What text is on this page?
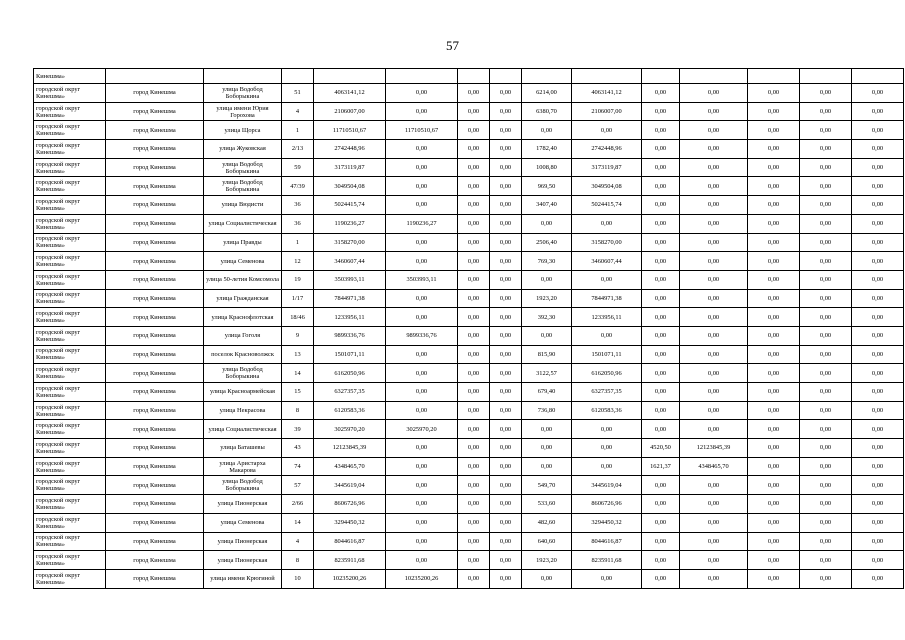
57
Кинешма»														
городской округ Кинешма»	город Кинешма	улица Водобод Боборыкина	51	4063141,12	0,00	0,00	0,00	6214,00	4063141,12	0,00	0,00	0,00	0,00	0,00
городской округ Кинешма»	город Кинешма	улица имени Юрия Горохова	4	2106007,00	0,00	0,00	0,00	6380,70	2106007,00	0,00	0,00	0,00	0,00	0,00
городской округ Кинешма»	город Кинешма	улица Щорса	1	11710510,67	11710510,67	0,00	0,00	0,00	0,00	0,00	0,00	0,00	0,00	0,00
городской округ Кинешма»	город Кинешма	улица Жуковская	2/13	2742448,96	0,00	0,00	0,00	1782,40	2742448,96	0,00	0,00	0,00	0,00	0,00
городской округ Кинешма»	город Кинешма	улица Водобод Боборыкина	59	3173119,87	0,00	0,00	0,00	1008,80	3173119,87	0,00	0,00	0,00	0,00	0,00
городской округ Кинешма»	город Кинешма	улица Водобод Боборыкина	47/39	3049504,08	0,00	0,00	0,00	969,50	3049504,08	0,00	0,00	0,00	0,00	0,00
городской округ Кинешма»	город Кинешма	улица Вюдисти	36	5024415,74	0,00	0,00	0,00	3407,40	5024415,74	0,00	0,00	0,00	0,00	0,00
городской округ Кинешма»	город Кинешма	улица Социалистическая	36	1190236,27	1190236,27	0,00	0,00	0,00	0,00	0,00	0,00	0,00	0,00	0,00
городской округ Кинешма»	город Кинешма	улица Правды	1	3158270,00	0,00	0,00	0,00	2506,40	3158270,00	0,00	0,00	0,00	0,00	0,00
городской округ Кинешма»	город Кинешма	улица Семенова	12	3460607,44	0,00	0,00	0,00	769,30	3460607,44	0,00	0,00	0,00	0,00	0,00
городской округ Кинешма»	город Кинешма	улица 50-летия Комсомола	19	3503993,11	3503993,11	0,00	0,00	0,00	0,00	0,00	0,00	0,00	0,00	0,00
городской округ Кинешма»	город Кинешма	улица Гражданская	1/17	7844971,38	0,00	0,00	0,00	1923,20	7844971,38	0,00	0,00	0,00	0,00	0,00
городской округ Кинешма»	город Кинешма	улица Краснофлотская	18/46	1233956,11	0,00	0,00	0,00	392,30	1233956,11	0,00	0,00	0,00	0,00	0,00
городской округ Кинешма»	город Кинешма	улица Гоголя	9	9899336,76	9899336,76	0,00	0,00	0,00	0,00	0,00	0,00	0,00	0,00	0,00
городской округ Кинешма»	город Кинешма	поселок Красноволжск	13	1501071,11	0,00	0,00	0,00	815,90	1501071,11	0,00	0,00	0,00	0,00	0,00
городской округ Кинешма»	город Кинешма	улица Водобод Боборыкина	14	6162050,96	0,00	0,00	0,00	3122,57	6162050,96	0,00	0,00	0,00	0,00	0,00
городской округ Кинешма»	город Кинешма	улица Красноармейская	15	6327357,35	0,00	0,00	0,00	679,40	6327357,35	0,00	0,00	0,00	0,00	0,00
городской округ Кинешма»	город Кинешма	улица Некрасова	8	6120583,36	0,00	0,00	0,00	736,80	6120583,36	0,00	0,00	0,00	0,00	0,00
городской округ Кинешма»	город Кинешма	улица Социалистическая	39	3025970,20	3025970,20	0,00	0,00	0,00	0,00	0,00	0,00	0,00	0,00	0,00
городской округ Кинешма»	город Кинешма	улица Баташевы	43	12123845,39	0,00	0,00	0,00	0,00	0,00	4520,50	12123845,39	0,00	0,00	0,00
городской округ Кинешма»	город Кинешма	улица Аристарха Макарова	74	4348465,70	0,00	0,00	0,00	0,00	0,00	1621,37	4348465,70	0,00	0,00	0,00
городской округ Кинешма»	город Кинешма	улица Водобод Боборыкина	57	3445619,04	0,00	0,00	0,00	549,70	3445619,04	0,00	0,00	0,00	0,00	0,00
городской округ Кинешма»	город Кинешма	улица Пионерская	2/66	8606726,96	0,00	0,00	0,00	533,60	8606726,96	0,00	0,00	0,00	0,00	0,00
городской округ Кинешма»	город Кинешма	улица Семенова	14	3294450,32	0,00	0,00	0,00	482,60	3294450,32	0,00	0,00	0,00	0,00	0,00
городской округ Кинешма»	город Кинешма	улица Пионерская	4	8044616,87	0,00	0,00	0,00	640,60	8044616,87	0,00	0,00	0,00	0,00	0,00
городской округ Кинешма»	город Кинешма	улица Пионерская	8	8235911,68	0,00	0,00	0,00	1923,20	8235911,68	0,00	0,00	0,00	0,00	0,00
городской округ Кинешма»	город Кинешма	улица имени Крюгиной	10	10235200,26	10235200,26	0,00	0,00	0,00	0,00	0,00	0,00	0,00	0,00	0,00
